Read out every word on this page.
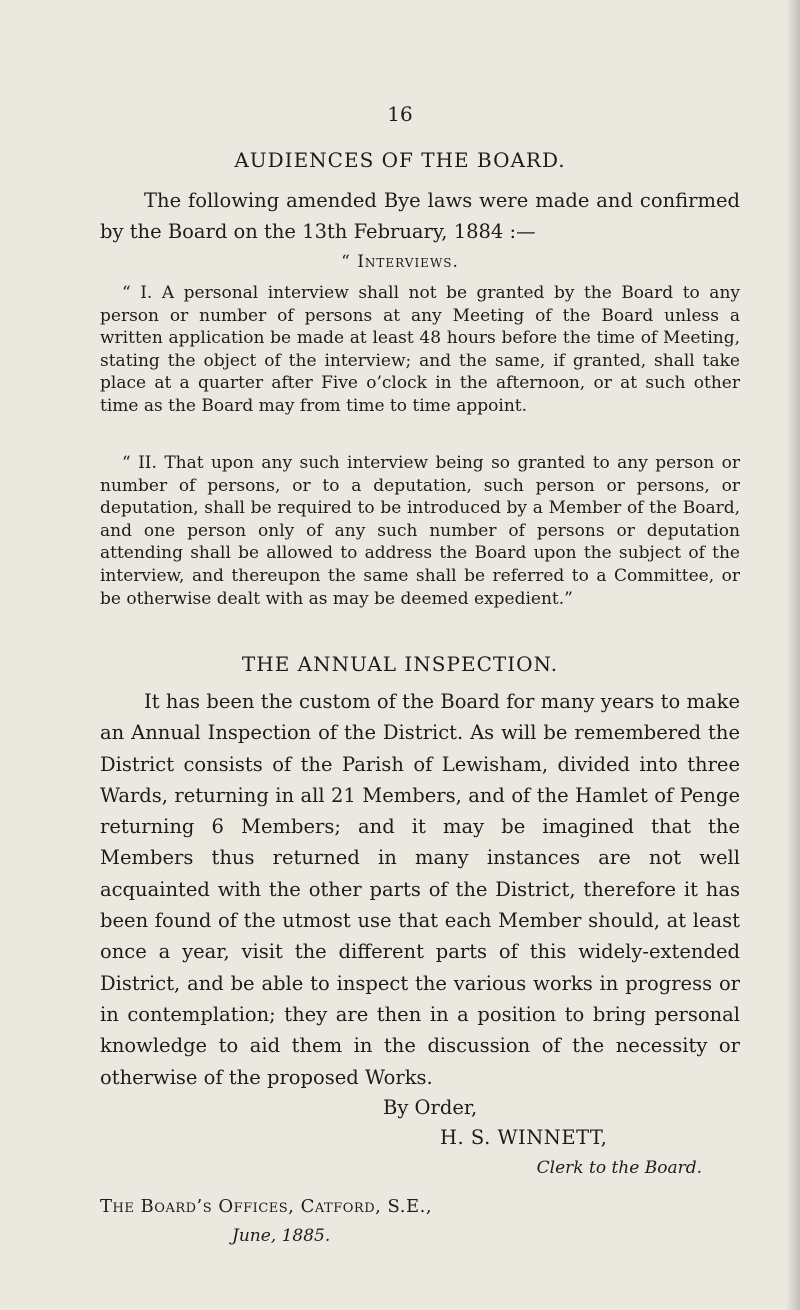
16
AUDIENCES OF THE BOARD.

The following amended Bye laws were made and confirmed by the Board on the 13th February, 1884 :—

“ Interviews.

“ I. A personal interview shall not be granted by the Board to any person or number of persons at any Meeting of the Board unless a written application be made at least 48 hours before the time of Meeting, stating the object of the interview; and the same, if granted, shall take place at a quarter after Five o’clock in the afternoon, or at such other time as the Board may from time to time appoint.

“ II. That upon any such interview being so granted to any person or number of persons, or to a deputation, such person or persons, or deputation, shall be required to be introduced by a Member of the Board, and one person only of any such number of persons or deputation attending shall be allowed to address the Board upon the subject of the interview, and thereupon the same shall be referred to a Committee, or be otherwise dealt with as may be deemed expedient.”

THE ANNUAL INSPECTION.

It has been the custom of the Board for many years to make an Annual Inspection of the District. As will be remembered the District consists of the Parish of Lewisham, divided into three Wards, returning in all 21 Members, and of the Hamlet of Penge returning 6 Members; and it may be imagined that the Members thus returned in many instances are not well acquainted with the other parts of the District, therefore it has been found of the utmost use that each Member should, at least once a year, visit the different parts of this widely-extended District, and be able to inspect the various works in progress or in contemplation; they are then in a position to bring personal knowledge to aid them in the discussion of the necessity or otherwise of the proposed Works.

By Order,
H. S. WINNETT,
Clerk to the Board.
The Board’s Offices, Catford, S.E.,
June, 1885.
